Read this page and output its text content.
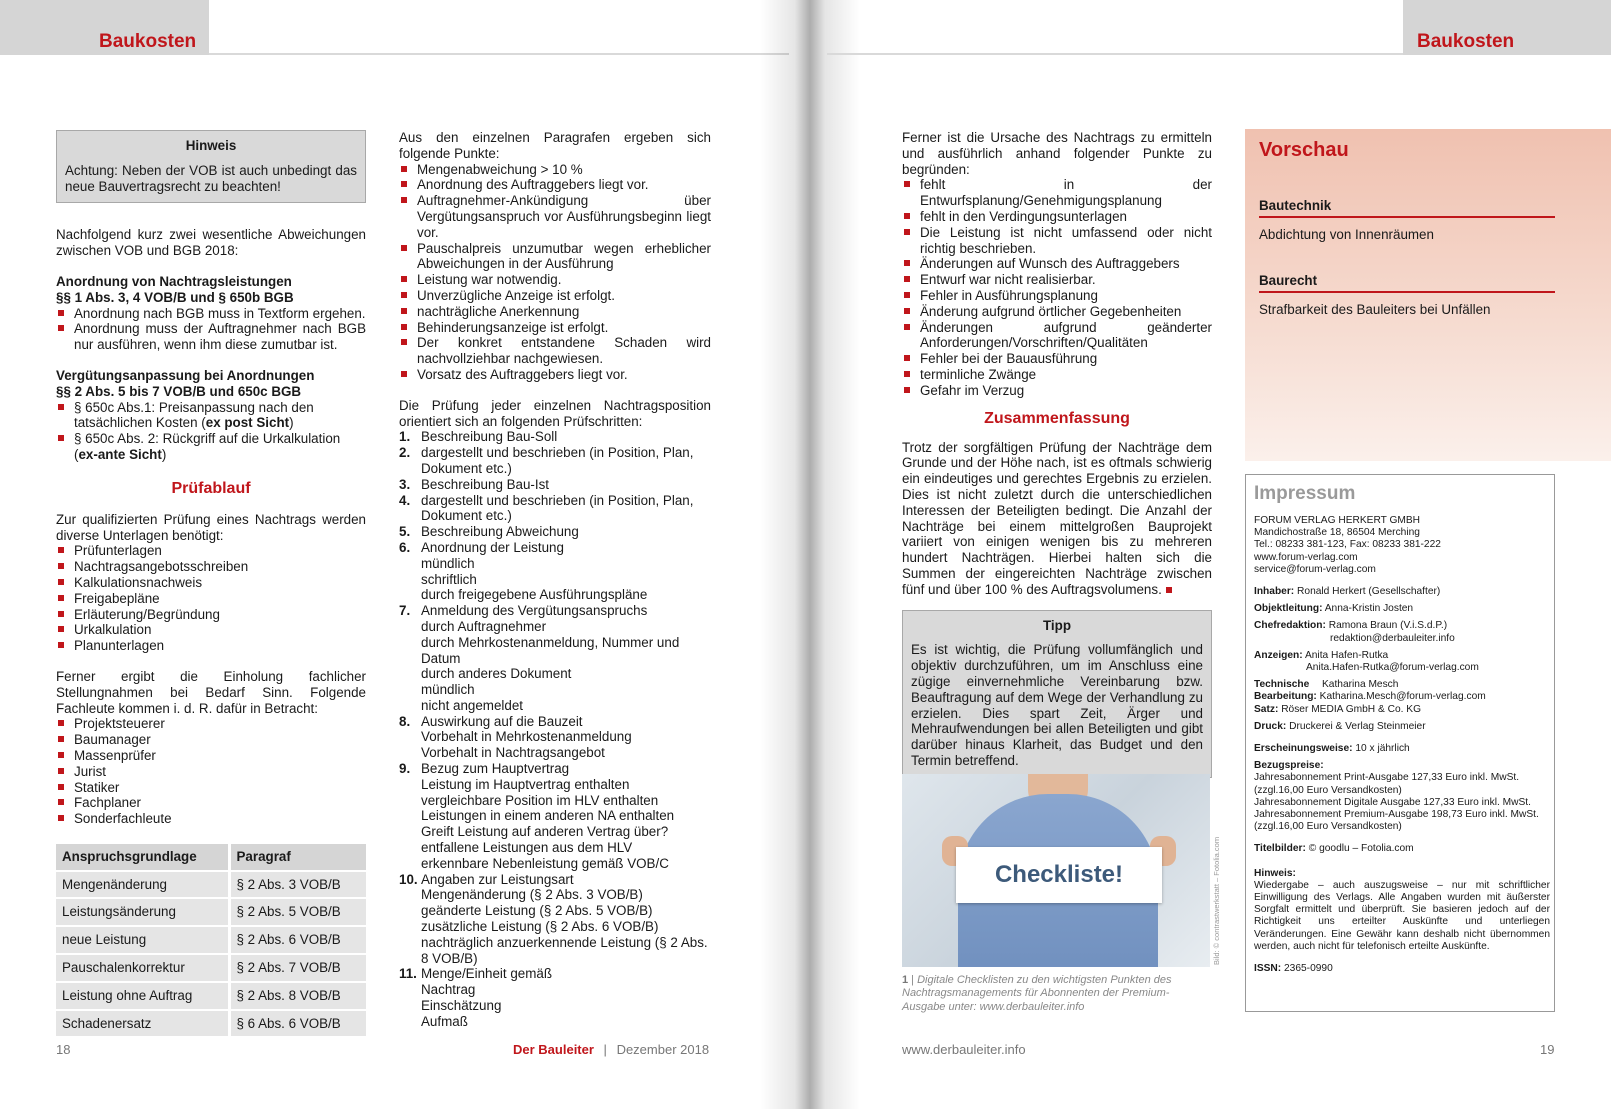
Baukosten
Hinweis

Achtung: Neben der VOB ist auch unbedingt das neue Bauvertragsrecht zu beachten!

Nachfolgend kurz zwei wesentliche Abweichungen zwischen VOB und BGB 2018:

Anordnung von Nachtragsleistungen

§§ 1 Abs. 3, 4 VOB/B und § 650b BGB

Anordnung nach BGB muss in Textform ergehen.
Anordnung muss der Auftragnehmer nach BGB nur ausführen, wenn ihm diese zumutbar ist.

Vergütungsanpassung bei Anordnungen

§§ 2 Abs. 5 bis 7 VOB/B und 650c BGB

§ 650c Abs.1: Preisanpassung nach den tatsächlichen Kosten (ex post Sicht)
§ 650c Abs. 2: Rückgriff auf die Urkalkulation (ex-ante Sicht)

Prüfablauf

Zur qualifizierten Prüfung eines Nachtrags werden diverse Unterlagen benötigt:

Prüfunterlagen
Nachtragsangebotsschreiben
Kalkulationsnachweis
Freigabepläne
Erläuterung/Begründung
Urkalkulation
Planunterlagen

Ferner ergibt die Einholung fachlicher Stellungnahmen bei Bedarf Sinn. Folgende Fachleute kommen i. d. R. dafür in Betracht:

Projektsteuerer
Baumanager
Massenprüfer
Jurist
Statiker
Fachplaner
Sonderfachleute
Anspruchsgrundlage	Paragraf
Mengenänderung	§ 2 Abs. 3 VOB/B
Leistungsänderung	§ 2 Abs. 5 VOB/B
neue Leistung	§ 2 Abs. 6 VOB/B
Pauschalenkorrektur	§ 2 Abs. 7 VOB/B
Leistung ohne Auftrag	§ 2 Abs. 8 VOB/B
Schadenersatz	§ 6 Abs. 6 VOB/B

Aus den einzelnen Paragrafen ergeben sich folgende Punkte:

Mengenabweichung > 10 %
Anordnung des Auftraggebers liegt vor.
Auftragnehmer-Ankündigung über Vergütungsanspruch vor Ausführungsbeginn liegt vor.
Pauschalpreis unzumutbar wegen erheblicher Abweichungen in der Ausführung
Leistung war notwendig.
Unverzügliche Anzeige ist erfolgt.
nachträgliche Anerkennung
Behinderungsanzeige ist erfolgt.
Der konkret entstandene Schaden wird nachvollziehbar nachgewiesen.
Vorsatz des Auftraggebers liegt vor.

Die Prüfung jeder einzelnen Nachtragsposition orientiert sich an folgenden Prüfschritten:

1. Beschreibung Bau-Soll
2. dargestellt und beschrieben (in Position, Plan, Dokument etc.)
3. Beschreibung Bau-Ist
4. dargestellt und beschrieben (in Position, Plan, Dokument etc.)
5. Beschreibung Abweichung
6. Anordnung der Leistung
mündlich
schriftlich
durch freigegebene Ausführungspläne
7. Anmeldung des Vergütungsanspruchs
durch Auftragnehmer
durch Mehrkostenanmeldung, Nummer und Datum
durch anderes Dokument
mündlich
nicht angemeldet
8. Auswirkung auf die Bauzeit
Vorbehalt in Mehrkostenanmeldung
Vorbehalt in Nachtragsangebot
9. Bezug zum Hauptvertrag
Leistung im Hauptvertrag enthalten
vergleichbare Position im HLV enthalten
Leistungen in einem anderen NA enthalten
Greift Leistung auf anderen Vertrag über?
entfallene Leistungen aus dem HLV
erkennbare Nebenleistung gemäß VOB/C
10. Angaben zur Leistungsart
Mengenänderung (§ 2 Abs. 3 VOB/B)
geänderte Leistung (§ 2 Abs. 5 VOB/B)
zusätzliche Leistung (§ 2 Abs. 6 VOB/B)
nachträglich anzuerkennende Leistung (§ 2 Abs. 8 VOB/B)
11. Menge/Einheit gemäß
Nachtrag
Einschätzung
Aufmaß
18	Der Bauleiter | Dezember 2018
Baukosten

Ferner ist die Ursache des Nachtrags zu ermitteln und ausführlich anhand folgender Punkte zu begründen:

fehlt in der Entwurfsplanung/Genehmigungsplanung
fehlt in den Verdingungsunterlagen
Die Leistung ist nicht umfassend oder nicht richtig beschrieben.
Änderungen auf Wunsch des Auftraggebers
Entwurf war nicht realisierbar.
Fehler in Ausführungsplanung
Änderung aufgrund örtlicher Gegebenheiten
Änderungen aufgrund geänderter Anforderungen/Vorschriften/Qualitäten
Fehler bei der Bauausführung
terminliche Zwänge
Gefahr im Verzug

Zusammenfassung

Trotz der sorgfältigen Prüfung der Nachträge dem Grunde und der Höhe nach, ist es oftmals schwierig ein eindeutiges und gerechtes Ergebnis zu erzielen. Dies ist nicht zuletzt durch die unterschiedlichen Interessen der Beteiligten bedingt. Die Anzahl der Nachträge bei einem mittelgroßen Bauprojekt variiert von einigen wenigen bis zu mehreren hundert Nachträgen. Hierbei halten sich die Summen der eingereichten Nachträge zwischen fünf und über 100 % des Auftragsvolumens.

Tipp

Es ist wichtig, die Prüfung vollumfänglich und objektiv durchzuführen, um im Anschluss eine zügige einvernehmliche Vereinbarung bzw. Beauftragung auf dem Wege der Verhandlung zu erzielen. Dies spart Zeit, Ärger und Mehraufwendungen bei allen Beteiligten und gibt darüber hinaus Klarheit, das Budget und den Termin betreffend.

Checkliste!	Bild: © contrastwerkstatt – Fotolia.com
1 | Digitale Checklisten zu den wichtigsten Punkten des Nachtragsmanagements für Abonnenten der Premium-Ausgabe unter: www.derbauleiter.info
Vorschau
Bautechnik
Abdichtung von Innenräumen
Baurecht
Strafbarkeit des Bauleiters bei Unfällen
Impressum

FORUM VERLAG HERKERT GMBH

Mandichostraße 18, 86504 Merching

Tel.: 08233 381-123, Fax: 08233 381-222

www.forum-verlag.com

service@forum-verlag.com

Inhaber: Ronald Herkert (Gesellschafter)

Objektleitung: Anna-Kristin Josten

Chefredaktion: Ramona Braun (V.i.S.d.P.)

redaktion@derbauleiter.info

Anzeigen: Anita Hafen-Rutka

Anita.Hafen-Rutka@forum-verlag.com

Technische Katharina Mesch

Bearbeitung: Katharina.Mesch@forum-verlag.com

Satz: Röser MEDIA GmbH & Co. KG

Druck: Druckerei & Verlag Steinmeier

Erscheinungsweise: 10 x jährlich

Bezugspreise:

Jahresabonnement Print-Ausgabe 127,33 Euro inkl. MwSt.

(zzgl.16,00 Euro Versandkosten)

Jahresabonnement Digitale Ausgabe 127,33 Euro inkl. MwSt.

Jahresabonnement Premium-Ausgabe 198,73 Euro inkl. MwSt.

(zzgl.16,00 Euro Versandkosten)

Titelbilder: © goodlu – Fotolia.com

Hinweis:

Wiedergabe – auch auszugsweise – nur mit schriftlicher Einwilligung des Verlags. Alle Angaben wurden mit äußerster Sorgfalt ermittelt und überprüft. Sie basieren jedoch auf der Richtigkeit uns erteilter Auskünfte und unterliegen Veränderungen. Eine Gewähr kann deshalb nicht übernommen werden, auch nicht für telefonisch erteilte Auskünfte.

ISSN: 2365-0990

www.derbauleiter.info	19
